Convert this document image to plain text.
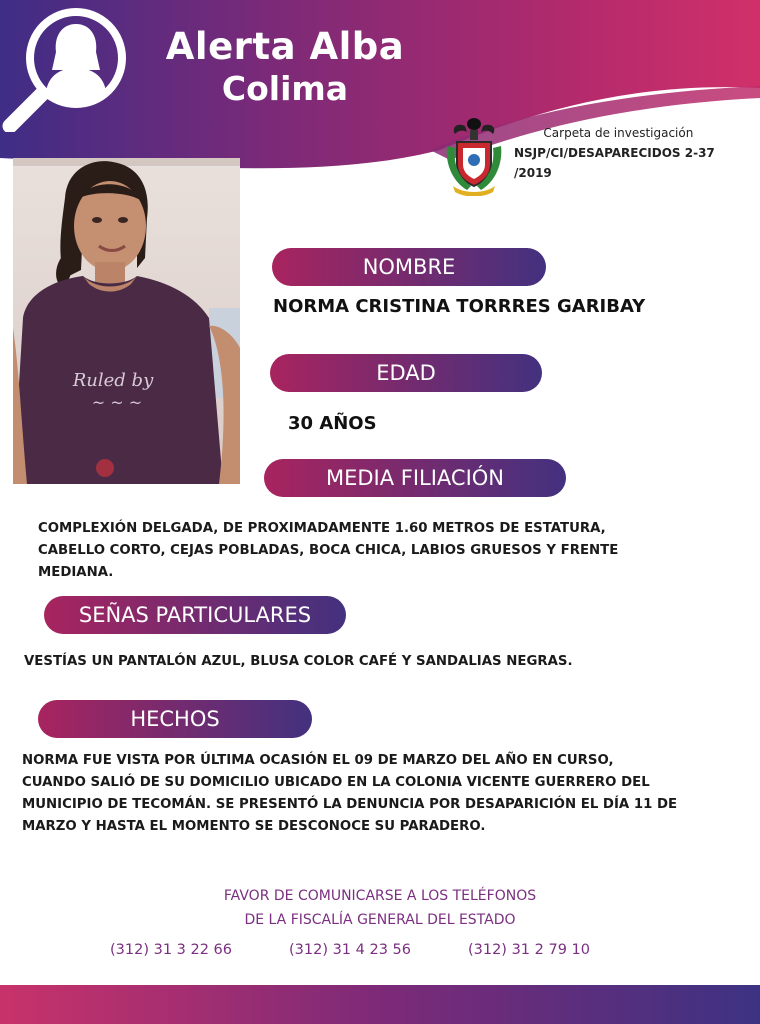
Alerta Alba
Colima
Carpeta de investigación
NSJP/CI/DESAPARECIDOS 2-37
/2019
Ruled by
~ ~ ~
NOMBRE
NORMA CRISTINA TORRRES GARIBAY
EDAD
30 AÑOS
MEDIA FILIACIÓN
COMPLEXIÓN DELGADA, DE PROXIMADAMENTE 1.60 METROS DE ESTATURA,
CABELLO CORTO, CEJAS POBLADAS, BOCA CHICA, LABIOS GRUESOS Y FRENTE
MEDIANA.
SEÑAS PARTICULARES
VESTÍAS UN PANTALÓN AZUL, BLUSA COLOR CAFÉ Y SANDALIAS NEGRAS.
HECHOS
NORMA FUE VISTA POR ÚLTIMA OCASIÓN EL 09 DE MARZO DEL AÑO EN CURSO,
CUANDO SALIÓ DE SU DOMICILIO UBICADO EN LA COLONIA VICENTE GUERRERO DEL
MUNICIPIO DE TECOMÁN. SE PRESENTÓ LA DENUNCIA POR DESAPARICIÓN EL DÍA 11 DE
MARZO Y HASTA EL MOMENTO SE DESCONOCE SU PARADERO.
FAVOR DE COMUNICARSE A LOS TELÉFONOS
DE LA FISCALÍA GENERAL DEL ESTADO
(312) 31 3 22 66	(312) 31 4 23 56	(312) 31 2 79 10
